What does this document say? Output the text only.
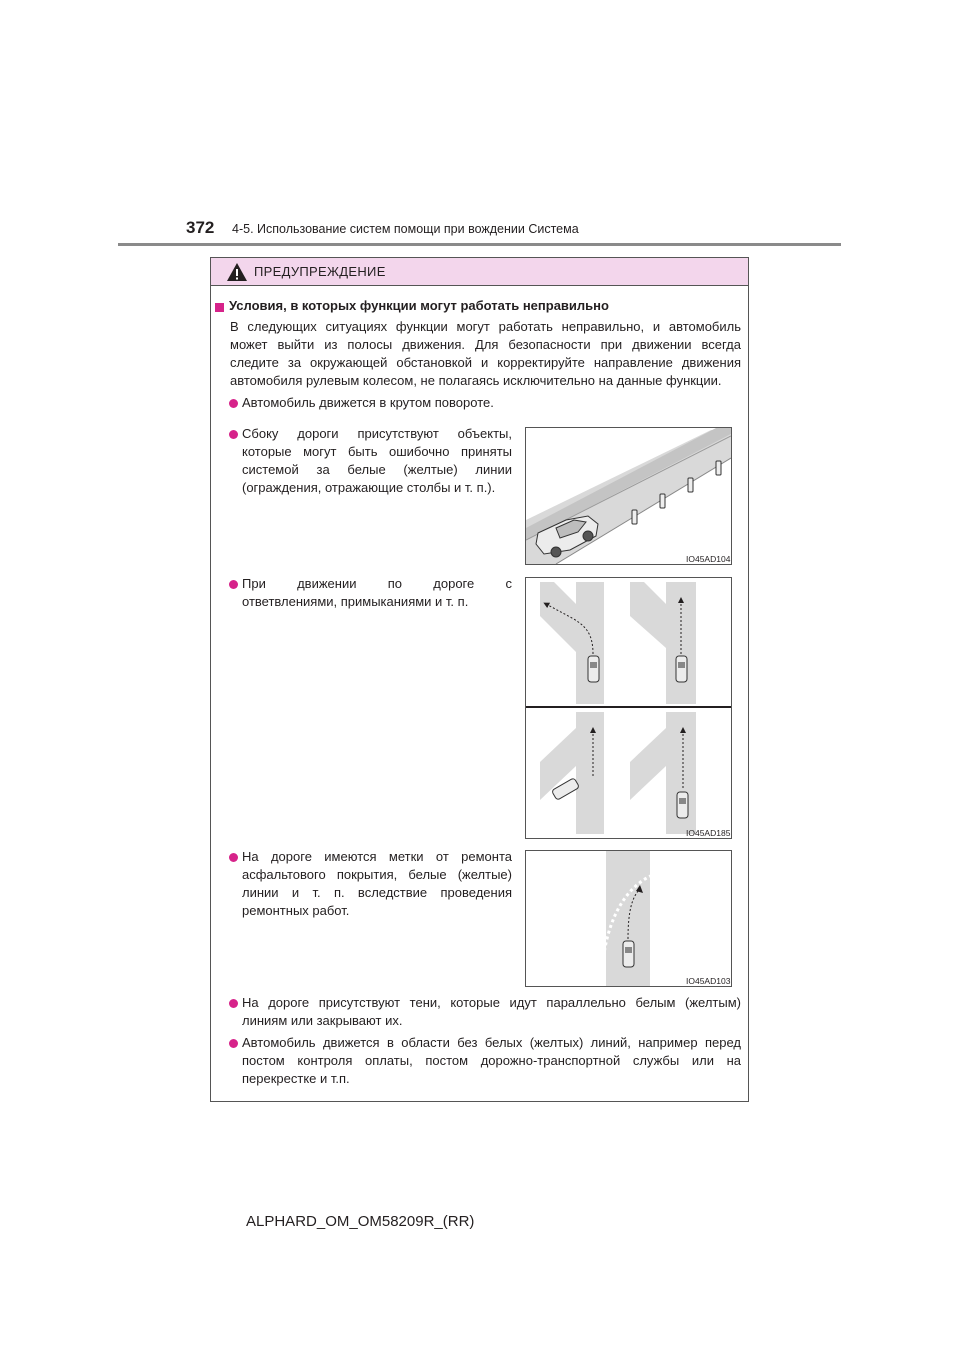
372 4-5. Использование систем помощи при вождении Система
ПРЕДУПРЕЖДЕНИЕ
Условия, в которых функции могут работать неправильно
В следующих ситуациях функции могут работать неправильно, и автомобиль
может выйти из полосы движения. Для безопасности при движении всегда
следите за окружающей обстановкой и корректируйте направление движения
автомобиля рулевым колесом, не полагаясь исключительно на данные функции.
Автомобиль движется в крутом повороте.
Сбоку дороги присутствуют объекты,
которые могут быть ошибочно приняты
системой за белые (желтые) линии
(ограждения, отражающие столбы и т. п.).
IO45AD104
При движении по дороге с
ответвлениями, примыканиями и т. п.
IO45AD185
На дороге имеются метки от ремонта
асфальтового покрытия, белые (желтые)
линии и т. п. вследствие проведения
ремонтных работ.
IO45AD103
На дороге присутствуют тени, которые идут параллельно белым (желтым)
линиям или закрывают их.
Автомобиль движется в области без белых (желтых) линий, например перед
постом контроля оплаты, постом дорожно-транспортной службы или на
перекрестке и т.п.
ALPHARD_OM_OM58209R_(RR)
